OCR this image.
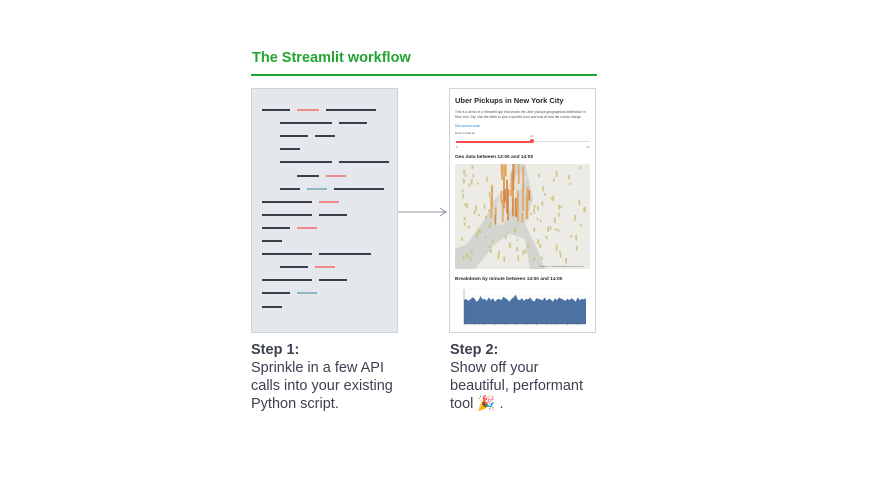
The Streamlit workflow
Uber Pickups in New York City
This is a demo of a Streamlit app that shows the Uber pickups geographical distribution in New York City. Use the slider to pick a specific hour and look at how the charts change.
See source code
Hour to look at
13
0	23
Geo data between 13:00 and 14:00
© Mapbox © OpenStreetMap Improve this map
Breakdown by minute between 13:00 and 14:00
Step 1:
Sprinkle in a few API
calls into your existing
Python script.
Step 2:
Show off your
beautiful, performant
tool 🎉 .
